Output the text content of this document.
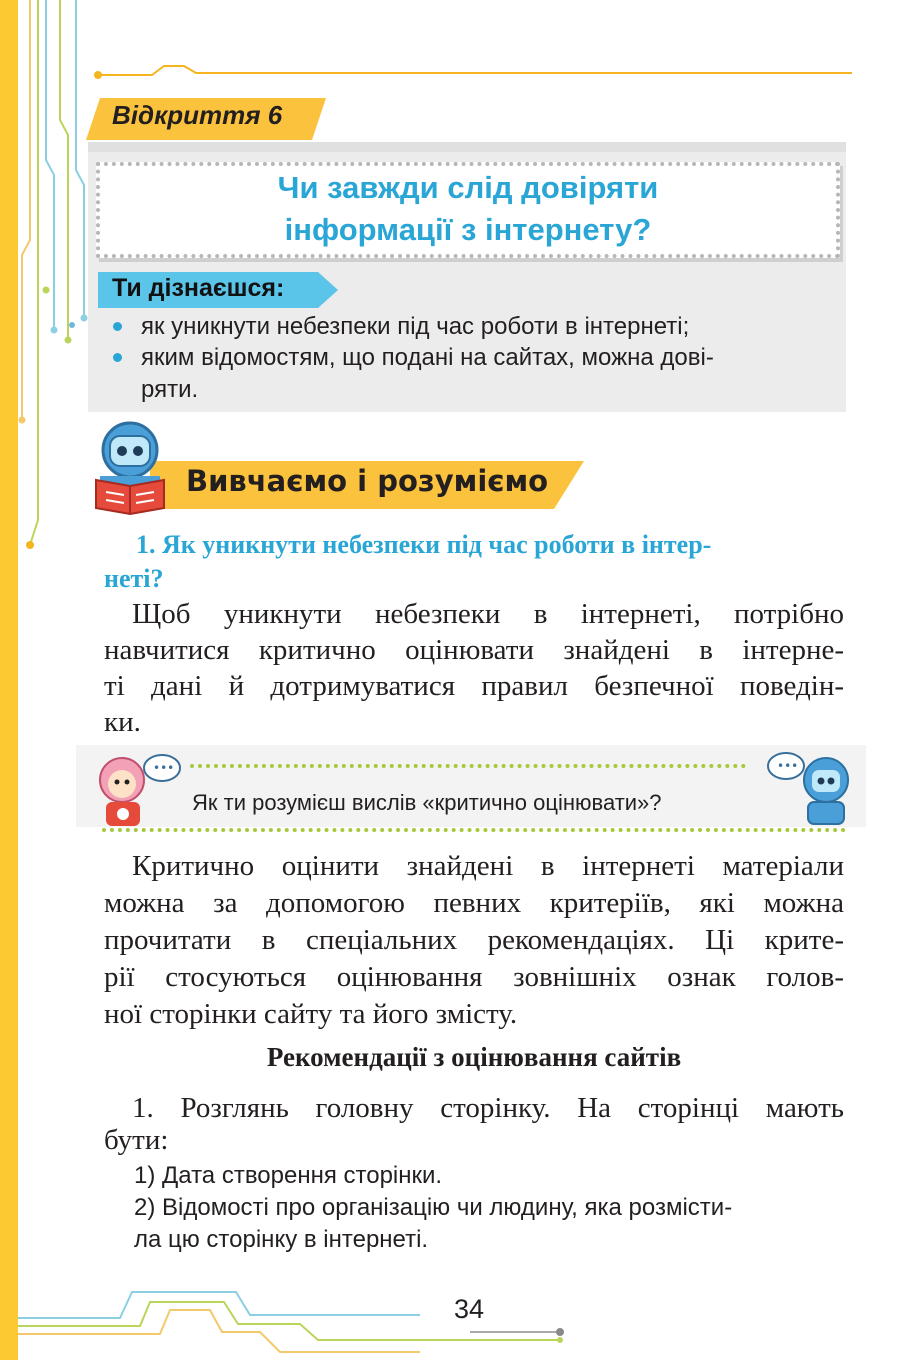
Відкриття 6
Чи завжди слід довіряти
інформації з інтернету?
Ти дізнаєшся:
як уникнути небезпеки під час роботи в інтернеті;
яким відомостям, що подані на сайтах, можна дові-
ряти.
Вивчаємо і розуміємо
1. Як уникнути небезпеки під час роботи в інтер-
неті?
Щоб уникнути небезпеки в інтернеті, потрібно
навчитися критично оцінювати знайдені в інтерне-
ті дані й дотримуватися правил безпечної поведін-
ки.
Як ти розумієш вислів «критично оцінювати»?
•••	•••
Критично оцінити знайдені в інтернеті матеріали
можна за допомогою певних критеріїв, які можна
прочитати в спеціальних рекомендаціях. Ці крите-
рії стосуються оцінювання зовнішніх ознак голов-
ної сторінки сайту та його змісту.
Рекомендації з оцінювання сайтів
1. Розглянь головну сторінку. На сторінці мають
бути:
1) Дата створення сторінки.
2) Відомості про організацію чи людину, яка розмісти-
ла цю сторінку в інтернеті.
34
